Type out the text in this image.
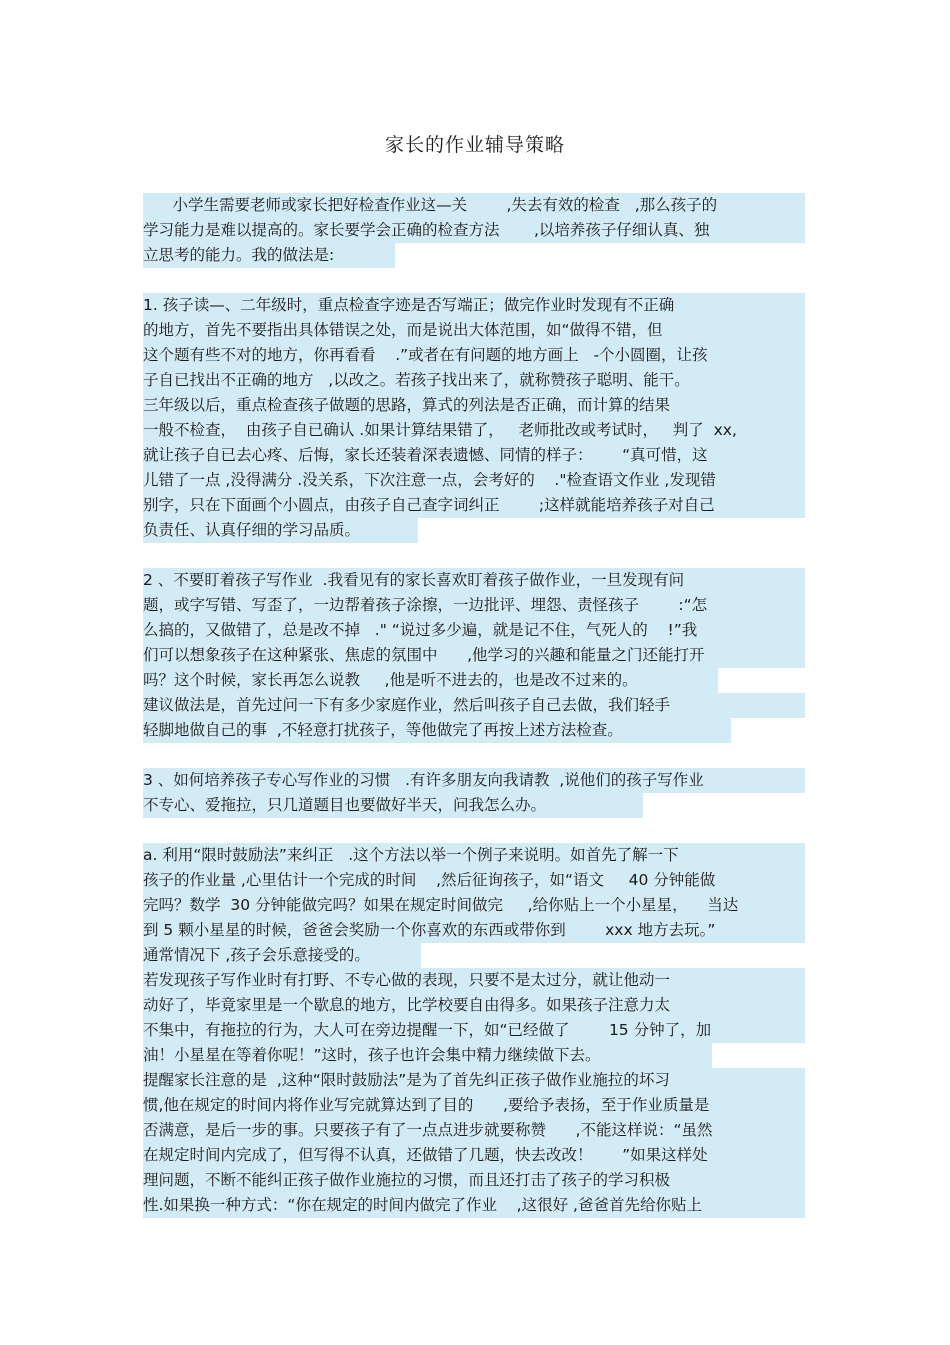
家长的作业辅导策略
小学生需要老师或家长把好检查作业这—关        ,失去有效的检查   ,那么孩子的
学习能力是难以提高的。家长要学会正确的检查方法       ,以培养孩子仔细认真、独
立思考的能力。我的做法是:
1. 孩子读—、二年级时，重点检查字迹是否写端正；做完作业时发现有不正确
的地方，首先不要指出具体错误之处，而是说出大体范围，如“做得不错，但
这个题有些不对的地方，你再看看    .”或者在有问题的地方画上   -个小圆圈，让孩
子自已找出不正确的地方   ,以改之。若孩子找出来了，就称赞孩子聪明、能干。
三年级以后，重点检查孩子做题的思路，算式的列法是否正确，而计算的结果
一般不检查，  由孩子自已确认 .如果计算结果错了，   老师批改或考试时，   判了  xx,
就让孩子自已去心疼、后悔，家长还装着深表遗憾、同情的样子：      “真可惜，这
儿错了一点 ,没得满分 .没关系，下次注意一点，会考好的    ."检查语文作业 ,发现错
别字，只在下面画个小圆点，由孩子自己查字词纠正        ;这样就能培养孩子对自己
负责任、认真仔细的学习品质。
2 、不要盯着孩子写作业  .我看见有的家长喜欢盯着孩子做作业，一旦发现有问
题，或字写错、写歪了，一边帮着孩子涂擦，一边批评、埋怨、责怪孩子        :“怎
么搞的，又做错了，总是改不掉   ." “说过多少遍，就是记不住，气死人的    !”我
们可以想象孩子在这种紧张、焦虑的氛围中      ,他学习的兴趣和能量之门还能打开
吗？这个时候，家长再怎么说教     ,他是听不进去的，也是改不过来的。
建议做法是，首先过问一下有多少家庭作业，然后叫孩子自己去做，我们轻手
轻脚地做自己的事  ,不轻意打扰孩子，等他做完了再按上述方法检查。
3 、如何培养孩子专心写作业的习惯   .有许多朋友向我请教  ,说他们的孩子写作业
不专心、爱拖拉，只几道题目也要做好半天，问我怎么办。
a. 利用“限时鼓励法”来纠正   .这个方法以举一个例子来说明。如首先了解一下
孩子的作业量 ,心里估计一个完成的时间    ,然后征询孩子，如“语文     40 分钟能做
完吗？数学  30 分钟能做完吗？如果在规定时间做完     ,给你贴上一个小星星，    当达
到 5 颗小星星的时候，爸爸会奖励一个你喜欢的东西或带你到        xxx 地方去玩。”
通常情况下 ,孩子会乐意接受的。
若发现孩子写作业时有打野、不专心做的表现，只要不是太过分，就让他动一
动好了，毕竟家里是一个歇息的地方，比学校要自由得多。如果孩子注意力太
不集中，有拖拉的行为，大人可在旁边提醒一下，如“已经做了        15 分钟了，加
油！小星星在等着你呢！”这时，孩子也许会集中精力继续做下去。
提醒家长注意的是  ,这种“限时鼓励法”是为了首先纠正孩子做作业施拉的坏习
惯,他在规定的时间内将作业写完就算达到了目的      ,要给予表扬，至于作业质量是
否满意，是后一步的事。只要孩子有了一点点进步就要称赞      ,不能这样说：“虽然
在规定时间内完成了，但写得不认真，还做错了几题，快去改改！      ”如果这样处
理问题，不断不能纠正孩子做作业施拉的习惯，而且还打击了孩子的学习积极
性.如果换一种方式：“你在规定的时间内做完了作业    ,这很好 ,爸爸首先给你贴上
